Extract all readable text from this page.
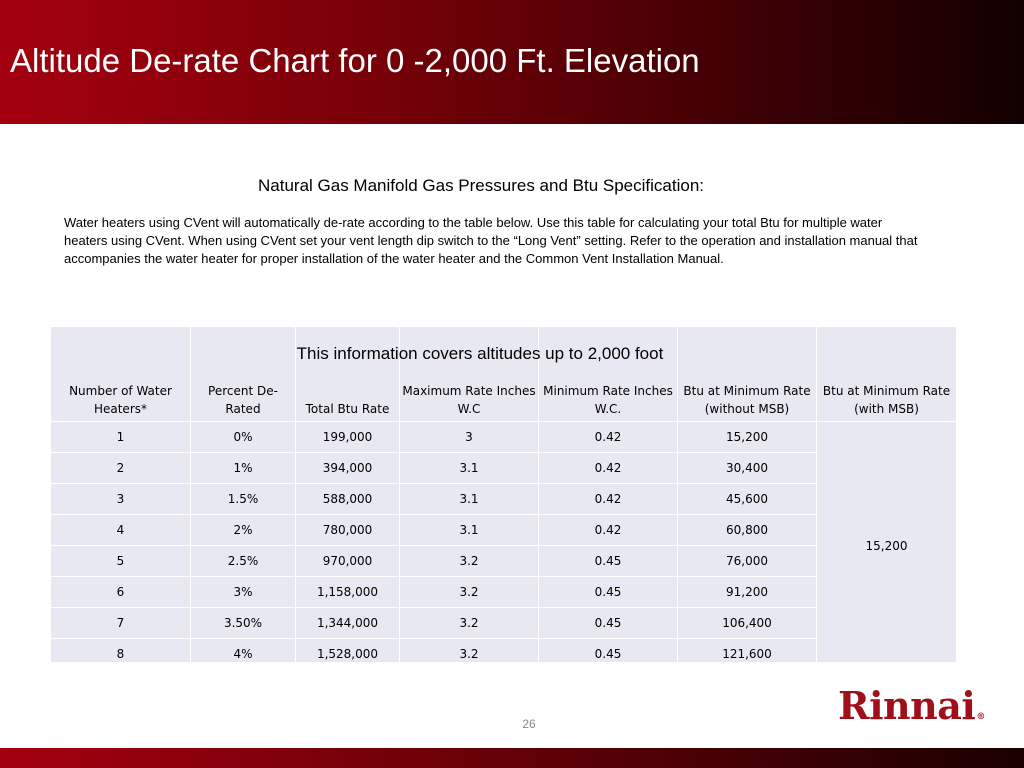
Altitude De-rate Chart for 0 -2,000 Ft. Elevation
Natural Gas Manifold Gas Pressures and Btu Specification:
Water heaters using CVent will automatically de-rate according to the table below. Use this table for calculating your total Btu for multiple water heaters using CVent. When using CVent set your vent length dip switch to the “Long Vent” setting. Refer to the operation and installation manual that accompanies the water heater for proper installation of the water heater and the Common Vent Installation Manual.
Number of Water Heaters*	Percent De-Rated	Total Btu Rate	Maximum Rate Inches W.C	Minimum Rate Inches W.C.	Btu at Minimum Rate (without MSB)	Btu at Minimum Rate (with MSB)
1	0%	199,000	3	0.42	15,200	15,200
2	1%	394,000	3.1	0.42	30,400	
3	1.5%	588,000	3.1	0.42	45,600	
4	2%	780,000	3.1	0.42	60,800	
5	2.5%	970,000	3.2	0.45	76,000	
6	3%	1,158,000	3.2	0.45	91,200	
7	3.50%	1,344,000	3.2	0.45	106,400	
8	4%	1,528,000	3.2	0.45	121,600	
This information covers altitudes up to 2,000 foot
Rinnai®
26
